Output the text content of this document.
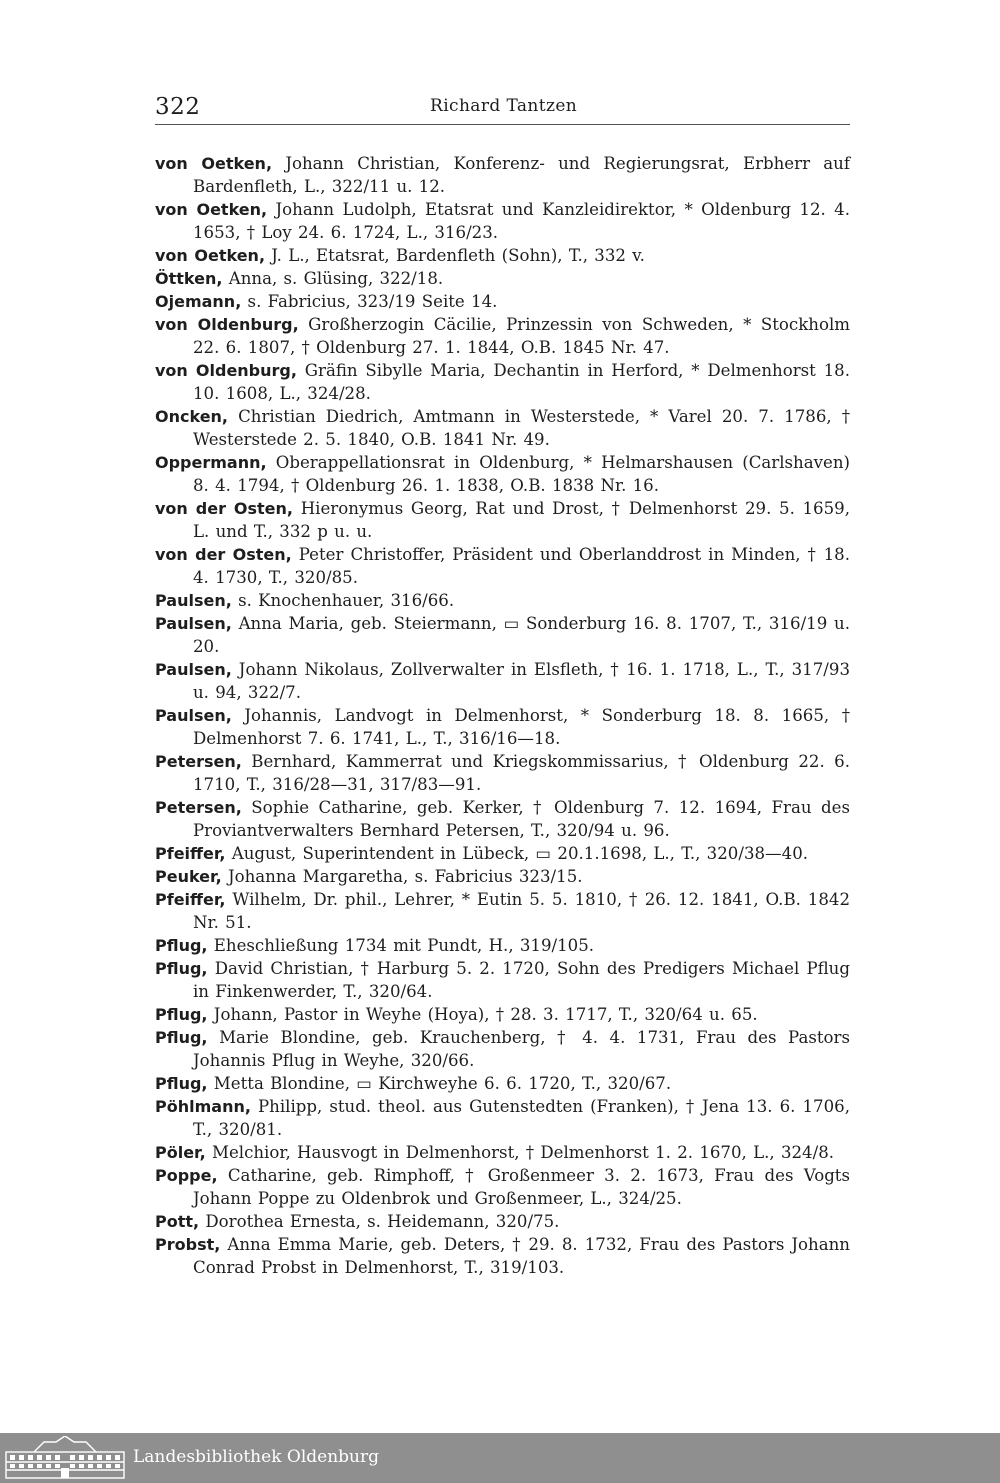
322	Richard Tantzen

von Oetken, Johann Christian, Konferenz- und Regierungsrat, Erbherr auf Bardenfleth, L., 322/11 u. 12.

von Oetken, Johann Ludolph, Etatsrat und Kanzleidirektor, * Oldenburg 12. 4. 1653, † Loy 24. 6. 1724, L., 316/23.

von Oetken, J. L., Etatsrat, Bardenfleth (Sohn), T., 332 v.

Öttken, Anna, s. Glüsing, 322/18.

Ojemann, s. Fabricius, 323/19 Seite 14.

von Oldenburg, Großherzogin Cäcilie, Prinzessin von Schweden, * Stockholm 22. 6. 1807, † Oldenburg 27. 1. 1844, O.B. 1845 Nr. 47.

von Oldenburg, Gräfin Sibylle Maria, Dechantin in Herford, * Delmenhorst 18. 10. 1608, L., 324/28.

Oncken, Christian Diedrich, Amtmann in Westerstede, * Varel 20. 7. 1786, † Westerstede 2. 5. 1840, O.B. 1841 Nr. 49.

Oppermann, Oberappellationsrat in Oldenburg, * Helmarshausen (Carlshaven) 8. 4. 1794, † Oldenburg 26. 1. 1838, O.B. 1838 Nr. 16.

von der Osten, Hieronymus Georg, Rat und Drost, † Delmenhorst 29. 5. 1659, L. und T., 332 p u. u.

von der Osten, Peter Christoffer, Präsident und Oberlanddrost in Minden, † 18. 4. 1730, T., 320/85.

Paulsen, s. Knochenhauer, 316/66.

Paulsen, Anna Maria, geb. Steiermann, ▭ Sonderburg 16. 8. 1707, T., 316/19 u. 20.

Paulsen, Johann Nikolaus, Zollverwalter in Elsfleth, † 16. 1. 1718, L., T., 317/93 u. 94, 322/7.

Paulsen, Johannis, Landvogt in Delmenhorst, * Sonderburg 18. 8. 1665, † Delmenhorst 7. 6. 1741, L., T., 316/16—18.

Petersen, Bernhard, Kammerrat und Kriegskommissarius, † Oldenburg 22. 6. 1710, T., 316/28—31, 317/83—91.

Petersen, Sophie Catharine, geb. Kerker, † Oldenburg 7. 12. 1694, Frau des Proviantverwalters Bernhard Petersen, T., 320/94 u. 96.

Pfeiffer, August, Superintendent in Lübeck, ▭ 20.1.1698, L., T., 320/38—40.

Peuker, Johanna Margaretha, s. Fabricius 323/15.

Pfeiffer, Wilhelm, Dr. phil., Lehrer, * Eutin 5. 5. 1810, † 26. 12. 1841, O.B. 1842 Nr. 51.

Pflug, Eheschließung 1734 mit Pundt, H., 319/105.

Pflug, David Christian, † Harburg 5. 2. 1720, Sohn des Predigers Michael Pflug in Finkenwerder, T., 320/64.

Pflug, Johann, Pastor in Weyhe (Hoya), † 28. 3. 1717, T., 320/64 u. 65.

Pflug, Marie Blondine, geb. Krauchenberg, † 4. 4. 1731, Frau des Pastors Johannis Pflug in Weyhe, 320/66.

Pflug, Metta Blondine, ▭ Kirchweyhe 6. 6. 1720, T., 320/67.

Pöhlmann, Philipp, stud. theol. aus Gutenstedten (Franken), † Jena 13. 6. 1706, T., 320/81.

Pöler, Melchior, Hausvogt in Delmenhorst, † Delmenhorst 1. 2. 1670, L., 324/8.

Poppe, Catharine, geb. Rimphoff, † Großenmeer 3. 2. 1673, Frau des Vogts Johann Poppe zu Oldenbrok und Großenmeer, L., 324/25.

Pott, Dorothea Ernesta, s. Heidemann, 320/75.

Probst, Anna Emma Marie, geb. Deters, † 29. 8. 1732, Frau des Pastors Johann Conrad Probst in Delmenhorst, T., 319/103.

Landesbibliothek Oldenburg
